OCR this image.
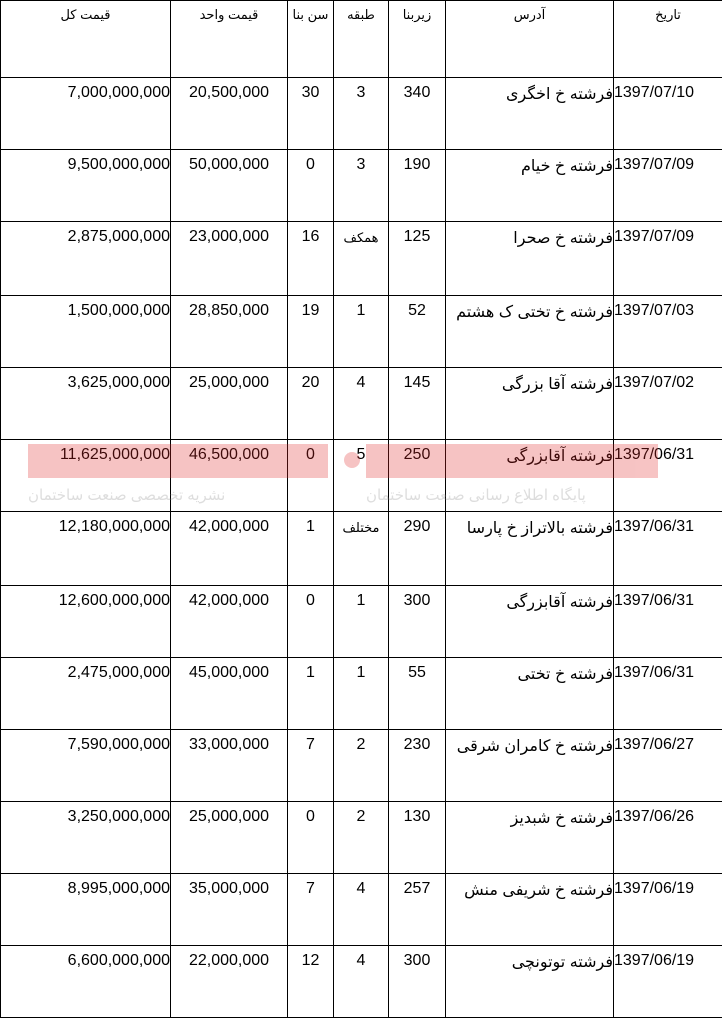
تاریخ	آدرس	زیربنا	طبقه	سن بنا	قیمت واحد	قیمت کل
1397/07/10	فرشته خ اخگری	340	3	30	20,500,000	7,000,000,000
1397/07/09	فرشته خ خیام	190	3	0	50,000,000	9,500,000,000
1397/07/09	فرشته خ صحرا	125	همکف	16	23,000,000	2,875,000,000
1397/07/03	فرشته خ تختی ک هشتم	52	1	19	28,850,000	1,500,000,000
1397/07/02	فرشته آقا بزرگی	145	4	20	25,000,000	3,625,000,000
1397/06/31	فرشته آقابزرگی	250	5	0	46,500,000	11,625,000,000
1397/06/31	فرشته بالاتراز خ پارسا	290	مختلف	1	42,000,000	12,180,000,000
1397/06/31	فرشته آقابزرگی	300	1	0	42,000,000	12,600,000,000
1397/06/31	فرشته خ تختی	55	1	1	45,000,000	2,475,000,000
1397/06/27	فرشته خ کامران شرقی	230	2	7	33,000,000	7,590,000,000
1397/06/26	فرشته خ شبدیز	130	2	0	25,000,000	3,250,000,000
1397/06/19	فرشته خ شریفی منش	257	4	7	35,000,000	8,995,000,000
1397/06/19	فرشته توتونچی	300	4	12	22,000,000	6,600,000,000
نشریه تخصصی صنعت ساختمان	پایگاه اطلاع رسانی صنعت ساختمان
